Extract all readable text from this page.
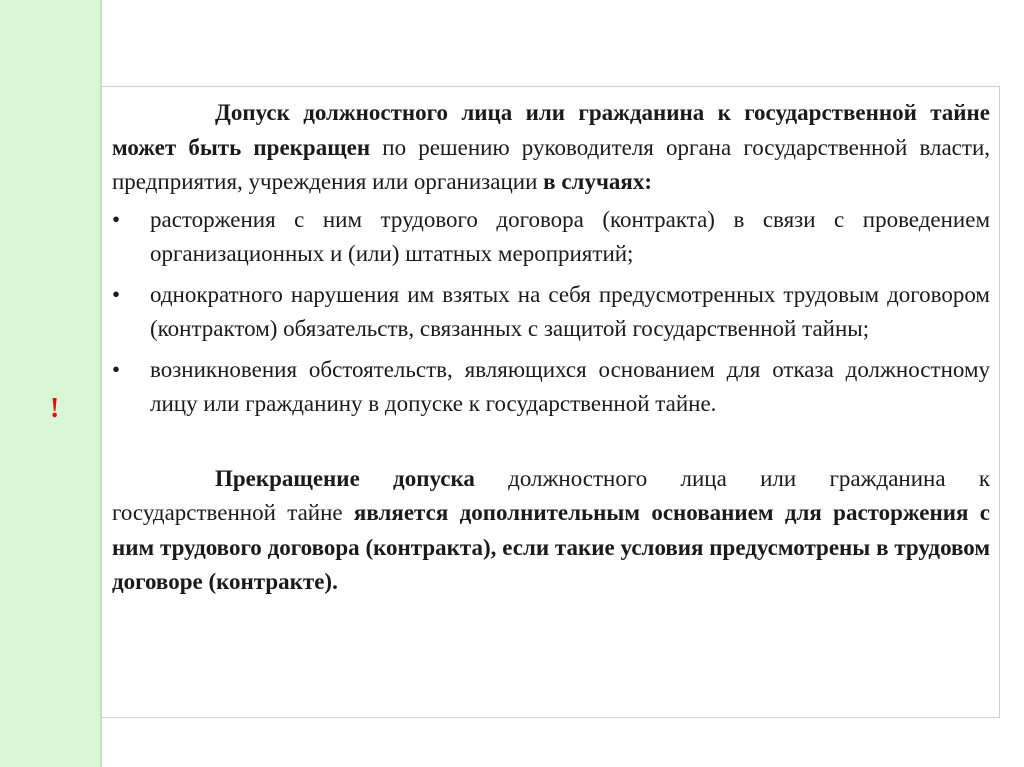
!

Допуск должностного лица или гражданина к государственной тайне может быть прекращен по решению руководителя органа государственной власти, предприятия, учреждения или организации в случаях:

•	расторжения с ним трудового договора (контракта) в связи с проведением организационных и (или) штатных мероприятий;
•	однократного нарушения им взятых на себя предусмотренных трудовым договором (контрактом) обязательств, связанных с защитой государственной тайны;
•	возникновения обстоятельств, являющихся основанием для отказа должностному лицу или гражданину в допуске к государственной тайне.

Прекращение допуска должностного лица или гражданина к государственной тайне является дополнительным основанием для расторжения с ним трудового договора (контракта), если такие условия предусмотрены в трудовом договоре (контракте).
